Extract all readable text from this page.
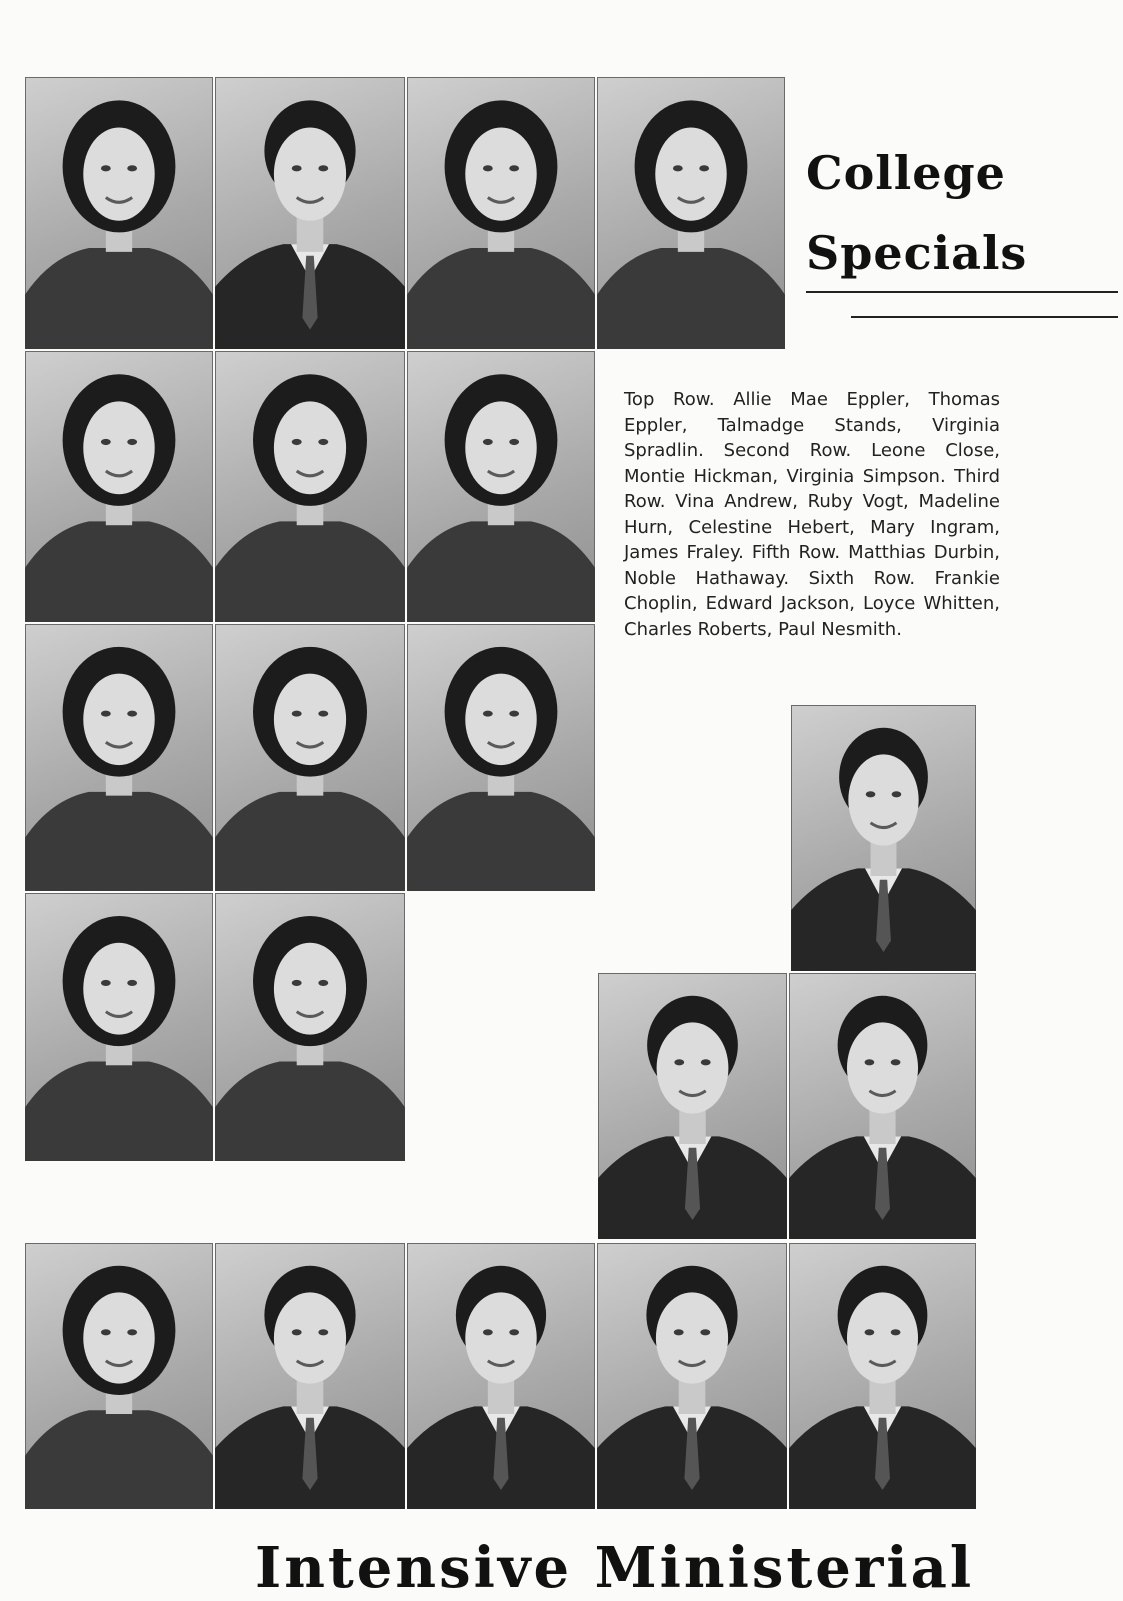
College
Specials
Top Row. Allie Mae Eppler, Thomas Eppler, Talmadge Stands, Virginia Spradlin. Second Row. Leone Close, Montie Hickman, Virginia Simpson. Third Row. Vina Andrew, Ruby Vogt, Madeline Hurn, Celestine Hebert, Mary Ingram, James Fraley. Fifth Row. Matthias Durbin, Noble Hathaway. Sixth Row. Frankie Choplin, Edward Jackson, Loyce Whitten, Charles Roberts, Paul Nesmith.
Intensive Ministerial
